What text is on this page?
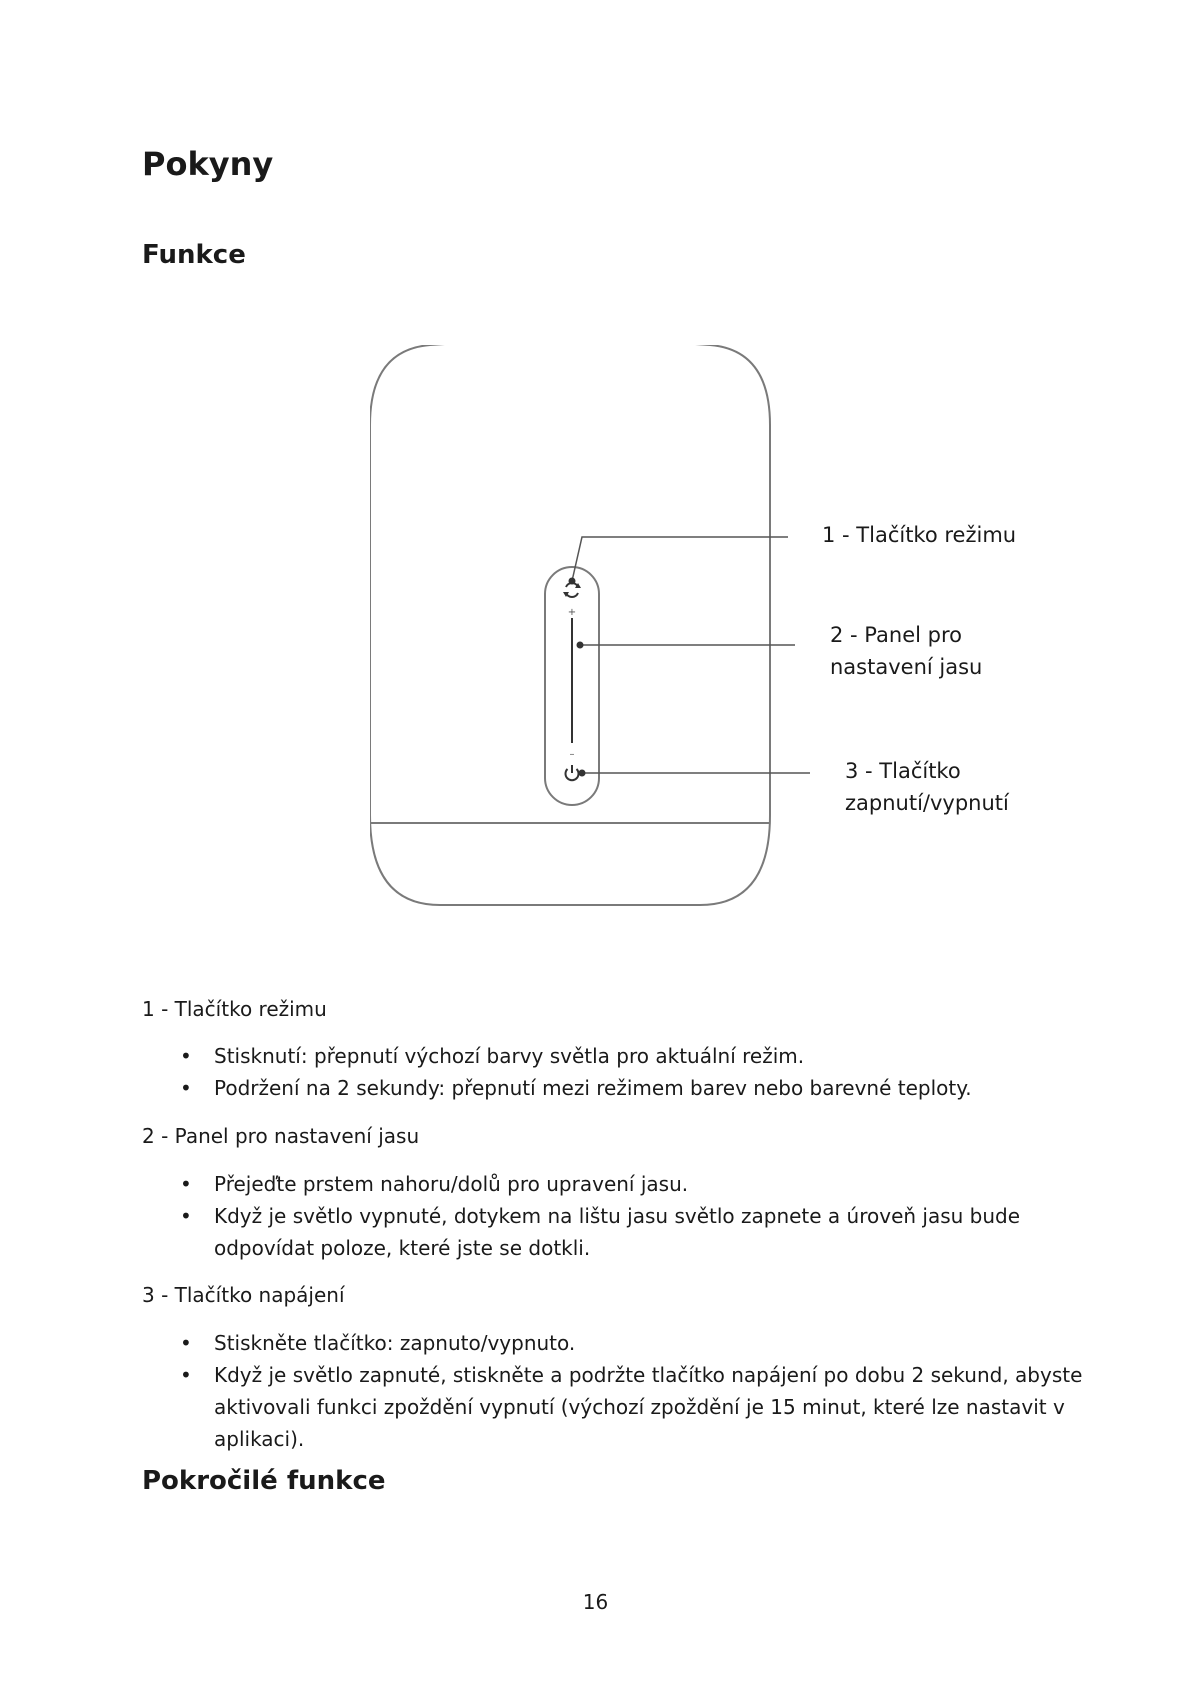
Pokyny
Funkce
+
–
1 - Tlačítko režimu
2 - Panel pro
nastavení jasu
3 - Tlačítko zapnutí/vypnutí
1 - Tlačítko režimu
• Stisknutí: přepnutí výchozí barvy světla pro aktuální režim.
• Podržení na 2 sekundy: přepnutí mezi režimem barev nebo barevné teploty.
2 - Panel pro nastavení jasu
• Přejeďte prstem nahoru/dolů pro upravení jasu.
• Když je světlo vypnuté, dotykem na lištu jasu světlo zapnete a úroveň jasu bude odpovídat poloze, které jste se dotkli.
3 - Tlačítko napájení
• Stiskněte tlačítko: zapnuto/vypnuto.
• Když je světlo zapnuté, stiskněte a podržte tlačítko napájení po dobu 2 sekund, abyste aktivovali funkci zpoždění vypnutí (výchozí zpoždění je 15 minut, které lze nastavit v aplikaci).
Pokročilé funkce
16
